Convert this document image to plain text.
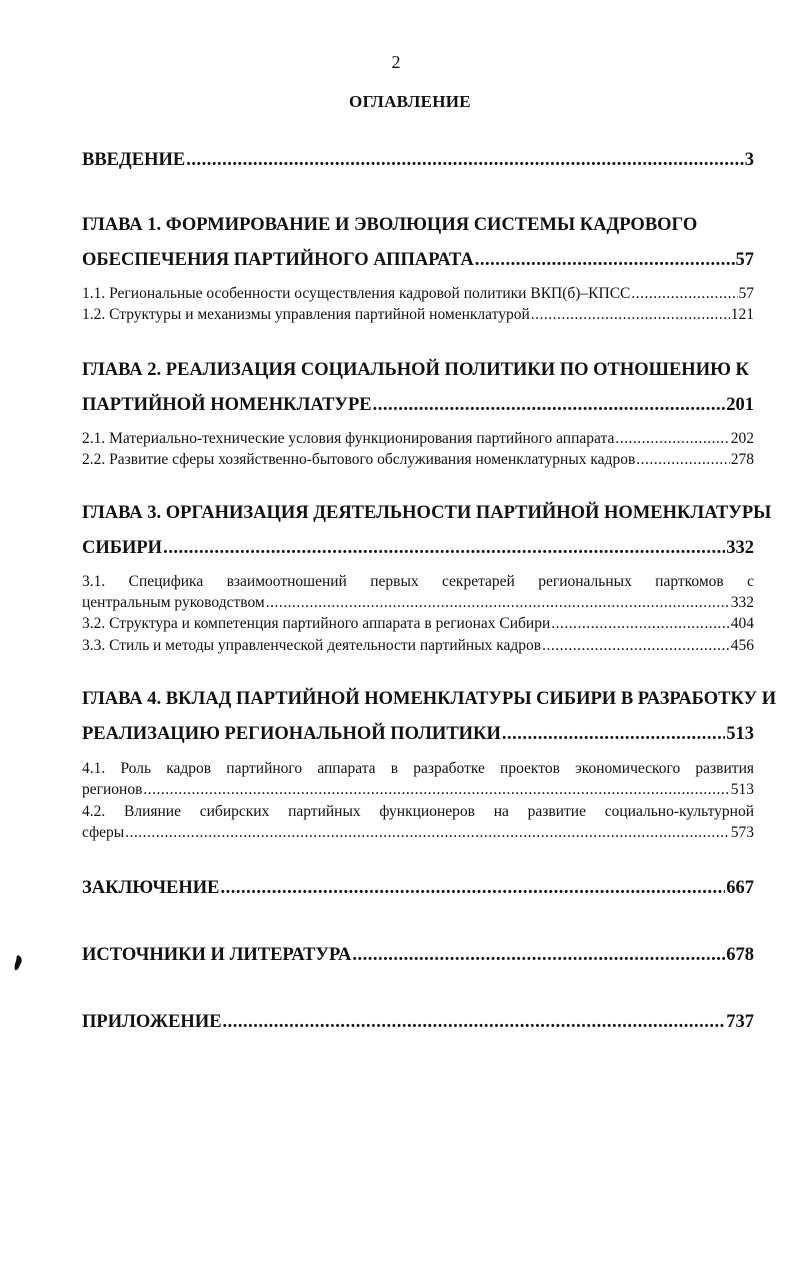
2
ОГЛАВЛЕНИЕ
ВВЕДЕНИЕ .....	3
ГЛАВА 1. ФОРМИРОВАНИЕ И ЭВОЛЮЦИЯ СИСТЕМЫ КАДРОВОГО
ОБЕСПЕЧЕНИЯ ПАРТИЙНОГО АППАРАТА .....	57
1.1. Региональные особенности осуществления кадровой политики ВКП(б)–КПСС .....	57
1.2. Структуры и механизмы управления партийной номенклатурой .....	121
ГЛАВА 2. РЕАЛИЗАЦИЯ СОЦИАЛЬНОЙ ПОЛИТИКИ ПО ОТНОШЕНИЮ К
ПАРТИЙНОЙ НОМЕНКЛАТУРЕ .....	201
2.1. Материально-технические условия функционирования партийного аппарата .....	202
2.2. Развитие сферы хозяйственно-бытового обслуживания номенклатурных кадров .....	278
ГЛАВА 3. ОРГАНИЗАЦИЯ ДЕЯТЕЛЬНОСТИ ПАРТИЙНОЙ НОМЕНКЛАТУРЫ
СИБИРИ .....	332
3.1. Специфика взаимоотношений первых секретарей региональных парткомов с
центральным руководством .....	332
3.2. Структура и компетенция партийного аппарата в регионах Сибири .....	404
3.3. Стиль и методы управленческой деятельности партийных кадров .....	456
ГЛАВА 4. ВКЛАД ПАРТИЙНОЙ НОМЕНКЛАТУРЫ СИБИРИ В РАЗРАБОТКУ И
РЕАЛИЗАЦИЮ РЕГИОНАЛЬНОЙ ПОЛИТИКИ .....	513
4.1. Роль кадров партийного аппарата в разработке проектов экономического развития
регионов .....	513
4.2. Влияние сибирских партийных функционеров на развитие социально-культурной
сферы .....	573
ЗАКЛЮЧЕНИЕ .....	667
ИСТОЧНИКИ И ЛИТЕРАТУРА .....	678
ПРИЛОЖЕНИЕ .....	737
